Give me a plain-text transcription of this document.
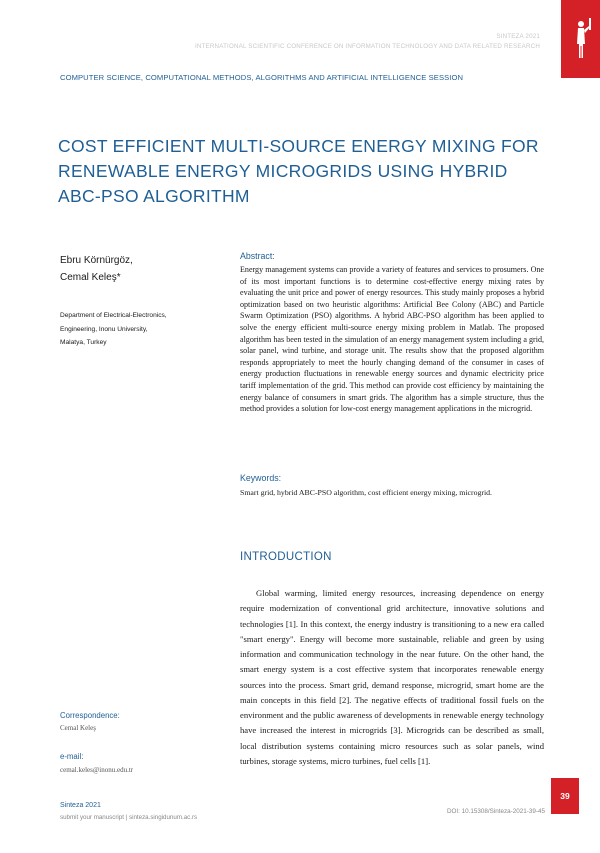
SINTEZA 2021
INTERNATIONAL SCIENTIFIC CONFERENCE ON INFORMATION TECHNOLOGY AND DATA RELATED RESEARCH
COMPUTER SCIENCE, COMPUTATIONAL METHODS, ALGORITHMS AND ARTIFICIAL INTELLIGENCE SESSION
COST EFFICIENT MULTI-SOURCE ENERGY MIXING FOR RENEWABLE ENERGY MICROGRIDS USING HYBRID ABC-PSO ALGORITHM
Ebru Körnürgöz,
Cemal Keleş*
Department of Electrical-Electronics,
Engineering, Inonu University,
Malatya, Turkey
Abstract:
Energy management systems can provide a variety of features and services to prosumers. One of its most important functions is to determine cost-effective energy mixing rates by evaluating the unit price and power of energy resources. This study mainly proposes a hybrid optimization based on two heuristic algorithms: Artificial Bee Colony (ABC) and Particle Swarm Optimization (PSO) algorithms. A hybrid ABC-PSO algorithm has been applied to solve the energy efficient multi-source energy mixing problem in Matlab. The proposed algorithm has been tested in the simulation of an energy management system including a grid, solar panel, wind turbine, and storage unit. The results show that the proposed algorithm responds appropriately to meet the hourly changing demand of the consumer in cases of energy production fluctuations in renewable energy sources and dynamic electricity price tariff implementation of the grid. This method can provide cost efficiency by maintaining the energy balance of consumers in smart grids. The algorithm has a simple structure, thus the method provides a solution for low-cost energy management applications in the microgrid.
Keywords:
Smart grid, hybrid ABC-PSO algorithm, cost efficient energy mixing, microgrid.
INTRODUCTION
Global warming, limited energy resources, increasing dependence on energy require modernization of conventional grid architecture, innovative solutions and technologies [1]. In this context, the energy industry is transitioning to a new era called "smart energy". Energy will become more sustainable, reliable and green by using information and communication technology in the near future. On the other hand, the smart energy system is a cost effective system that incorporates renewable energy sources into the process. Smart grid, demand response, microgrid, smart home are the main concepts in this field [2]. The negative effects of traditional fossil fuels on the environment and the public awareness of developments in renewable energy technology have increased the interest in microgrids [3]. Microgrids can be described as small, local distribution systems containing micro resources such as solar panels, wind turbines, storage systems, micro turbines, fuel cells [1].
Correspondence:
Cemal Keleş
e-mail:
cemal.keles@inonu.edu.tr
39
Sinteza 2021
submit your manuscript | sinteza.singidunum.ac.rs
DOI: 10.15308/Sinteza-2021-39-45
